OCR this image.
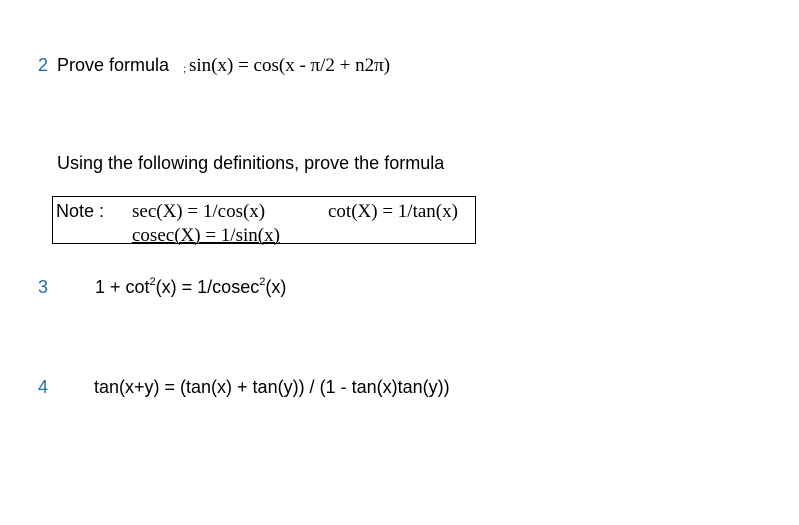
2 Prove formula ; sin(x) = cos(x - π/2 + n2π)
Using the following definitions, prove the formula
Note : sec(X) = 1/cos(x)	cot(X) = 1/tan(x)
cosec(X) = 1/sin(x)
3	$1 + \cot^2(x) = 1/cosec^2(x)$
4	tan(x+y) = (tan(x) + tan(y)) / (1 - tan(x)tan(y))
